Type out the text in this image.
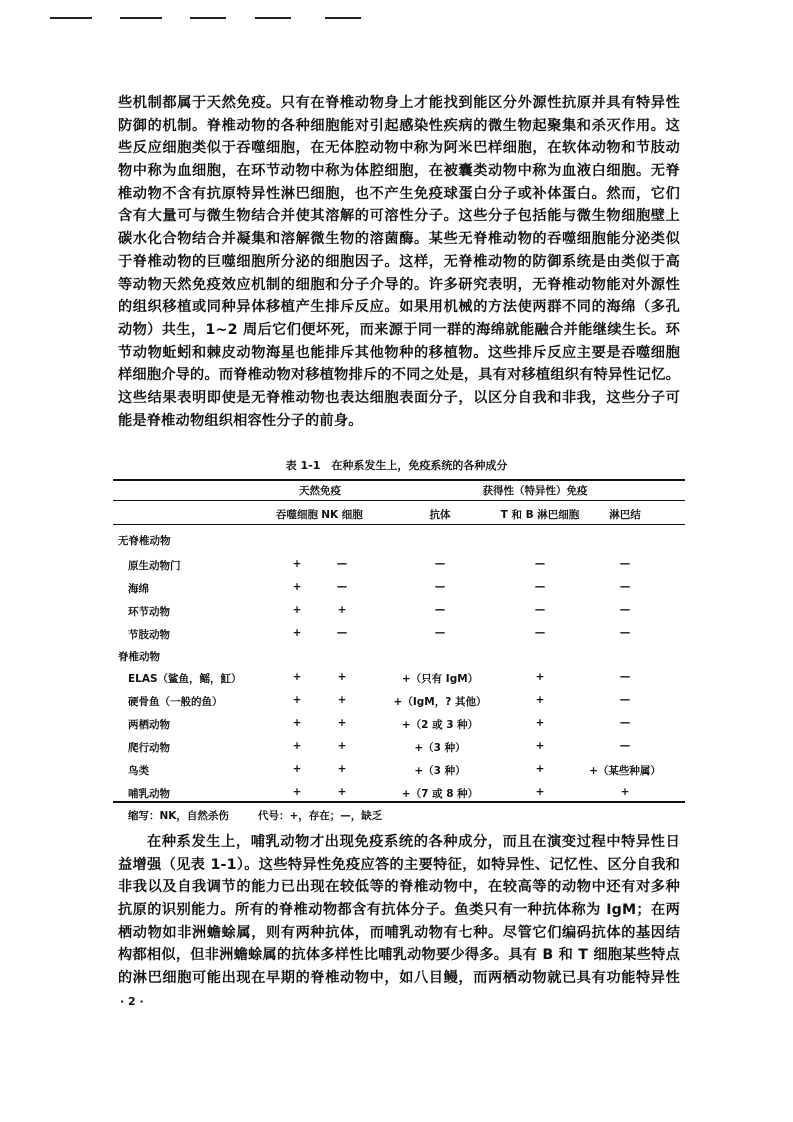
些机制都属于天然免疫。只有在脊椎动物身上才能找到能区分外源性抗原并具有特异性
防御的机制。脊椎动物的各种细胞能对引起感染性疾病的微生物起聚集和杀灭作用。这
些反应细胞类似于吞噬细胞，在无体腔动物中称为阿米巴样细胞，在软体动物和节肢动
物中称为血细胞，在环节动物中称为体腔细胞，在被囊类动物中称为血液白细胞。无脊
椎动物不含有抗原特异性淋巴细胞，也不产生免疫球蛋白分子或补体蛋白。然而，它们
含有大量可与微生物结合并使其溶解的可溶性分子。这些分子包括能与微生物细胞壁上
碳水化合物结合并凝集和溶解微生物的溶菌酶。某些无脊椎动物的吞噬细胞能分泌类似
于脊椎动物的巨噬细胞所分泌的细胞因子。这样，无脊椎动物的防御系统是由类似于高
等动物天然免疫效应机制的细胞和分子介导的。许多研究表明，无脊椎动物能对外源性
的组织移植或同种异体移植产生排斥反应。如果用机械的方法使两群不同的海绵（多孔
动物）共生，1~2 周后它们便坏死，而来源于同一群的海绵就能融合并能继续生长。环
节动物蚯蚓和棘皮动物海星也能排斥其他物种的移植物。这些排斥反应主要是吞噬细胞
样细胞介导的。而脊椎动物对移植物排斥的不同之处是，具有对移植组织有特异性记忆。
这些结果表明即使是无脊椎动物也表达细胞表面分子，以区分自我和非我，这些分子可
能是脊椎动物组织相容性分子的前身。
表 1-1　在种系发生上，免疫系统的各种成分
天然免疫	获得性（特异性）免疫
吞噬细胞 NK 细胞	抗体	T 和 B 淋巴细胞	淋巴结
无脊椎动物
原生动物门	+	—	—	—	—
海绵	+	—	—	—	—
环节动物	+	+	—	—	—
节肢动物	+	—	—	—	—
脊椎动物
ELAS（鲨鱼，鳐，魟）	+	+	+（只有 IgM）	+	—
硬骨鱼（一般的鱼）	+	+	+（IgM，? 其他）	+	—
两栖动物	+	+	+（2 或 3 种）	+	—
爬行动物	+	+	+（3 种）	+	—
鸟类	+	+	+（3 种）	+	+（某些种属）
哺乳动物	+	+	+（7 或 8 种）	+	+
缩写：NK，自然杀伤	代号：+，存在；—，缺乏
在种系发生上，哺乳动物才出现免疫系统的各种成分，而且在演变过程中特异性日
益增强（见表 1-1）。这些特异性免疫应答的主要特征，如特异性、记忆性、区分自我和
非我以及自我调节的能力已出现在较低等的脊椎动物中，在较高等的动物中还有对多种
抗原的识别能力。所有的脊椎动物都含有抗体分子。鱼类只有一种抗体称为 IgM；在两
栖动物如非洲蟾蜍属，则有两种抗体，而哺乳动物有七种。尽管它们编码抗体的基因结
构都相似，但非洲蟾蜍属的抗体多样性比哺乳动物要少得多。具有 B 和 T 细胞某些特点
的淋巴细胞可能出现在早期的脊椎动物中，如八目鳗，而两栖动物就已具有功能特异性
· 2 ·
